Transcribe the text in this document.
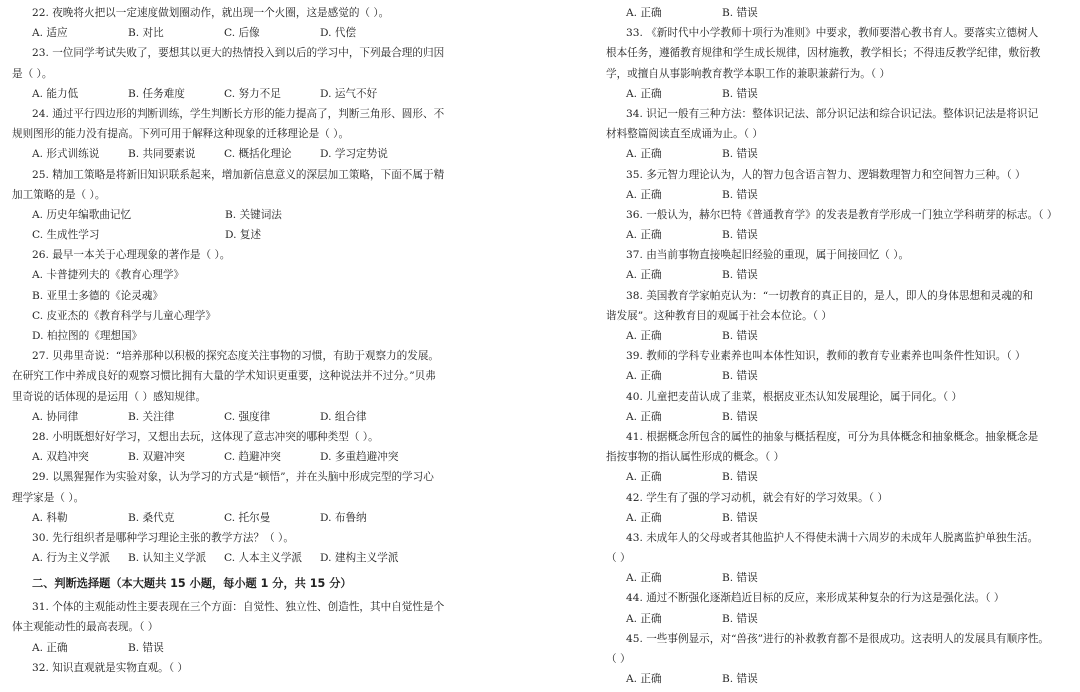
22. 夜晚将火把以一定速度做划圈动作，就出现一个火圈，这是感觉的（ ）。
A. 适应	B. 对比	C. 后像	D. 代偿
23. 一位同学考试失败了，要想其以更大的热情投入到以后的学习中，下列最合理的归因
是（ ）。
A. 能力低	B. 任务难度	C. 努力不足	D. 运气不好
24. 通过平行四边形的判断训练，学生判断长方形的能力提高了，判断三角形、圆形、不
规则图形的能力没有提高。下列可用于解释这种现象的迁移理论是（ ）。
A. 形式训练说	B. 共同要素说	C. 概括化理论	D. 学习定势说
25. 精加工策略是将新旧知识联系起来，增加新信息意义的深层加工策略，下面不属于精
加工策略的是（ ）。
A. 历史年编歌曲记忆	B. 关键词法
C. 生成性学习	D. 复述
26. 最早一本关于心理现象的著作是（ ）。
A. 卡普捷列夫的《教育心理学》
B. 亚里士多德的《论灵魂》
C. 皮亚杰的《教育科学与儿童心理学》
D. 柏拉图的《理想国》
27. 贝弗里奇说：“培养那种以积极的探究态度关注事物的习惯，有助于观察力的发展。
在研究工作中养成良好的观察习惯比拥有大量的学术知识更重要，这种说法并不过分。”贝弗
里奇说的话体现的是运用（ ）感知规律。
A. 协同律	B. 关注律	C. 强度律	D. 组合律
28. 小明既想好好学习，又想出去玩，这体现了意志冲突的哪种类型（ ）。
A. 双趋冲突	B. 双避冲突	C. 趋避冲突	D. 多重趋避冲突
29. 以黑猩猩作为实验对象，认为学习的方式是“顿悟”，并在头脑中形成完型的学习心
理学家是（ ）。
A. 科勒	B. 桑代克	C. 托尔曼	D. 布鲁纳
30. 先行组织者是哪种学习理论主张的教学方法？（ ）。
A. 行为主义学派	B. 认知主义学派	C. 人本主义学派	D. 建构主义学派
二、判断选择题（本大题共 15 小题，每小题 1 分，共 15 分）
31. 个体的主观能动性主要表现在三个方面：自觉性、独立性、创造性，其中自觉性是个
体主观能动性的最高表现。（ ）
A. 正确	B. 错误
32. 知识直观就是实物直观。（ ）
A. 正确	B. 错误
33. 《新时代中小学教师十项行为准则》中要求，教师要潜心教书育人。要落实立德树人
根本任务，遵循教育规律和学生成长规律，因材施教，教学相长；不得违反教学纪律，敷衍教
学，或擅自从事影响教育教学本职工作的兼职兼薪行为。（ ）
A. 正确	B. 错误
34. 识记一般有三种方法：整体识记法、部分识记法和综合识记法。整体识记法是将识记
材料整篇阅读直至成诵为止。（ ）
A. 正确	B. 错误
35. 多元智力理论认为，人的智力包含语言智力、逻辑数理智力和空间智力三种。（ ）
A. 正确	B. 错误
36. 一般认为，赫尔巴特《普通教育学》的发表是教育学形成一门独立学科萌芽的标志。（ ）
A. 正确	B. 错误
37. 由当前事物直接唤起旧经验的重现，属于间接回忆（ ）。
A. 正确	B. 错误
38. 美国教育学家帕克认为：“一切教育的真正目的，是人，即人的身体思想和灵魂的和
谐发展”。这种教育目的观属于社会本位论。（ ）
A. 正确	B. 错误
39. 教师的学科专业素养也叫本体性知识，教师的教育专业素养也叫条件性知识。（ ）
A. 正确	B. 错误
40. 儿童把麦苗认成了韭菜，根据皮亚杰认知发展理论，属于同化。（ ）
A. 正确	B. 错误
41. 根据概念所包含的属性的抽象与概括程度，可分为具体概念和抽象概念。抽象概念是
指按事物的指认属性形成的概念。（ ）
A. 正确	B. 错误
42. 学生有了强的学习动机，就会有好的学习效果。（ ）
A. 正确	B. 错误
43. 未成年人的父母或者其他监护人不得使未满十六周岁的未成年人脱离监护单独生活。
（ ）
A. 正确	B. 错误
44. 通过不断强化逐渐趋近目标的反应，来形成某种复杂的行为这是强化法。（ ）
A. 正确	B. 错误
45. 一些事例显示，对“兽孩”进行的补救教育都不是很成功。这表明人的发展具有顺序性。
（ ）
A. 正确	B. 错误
